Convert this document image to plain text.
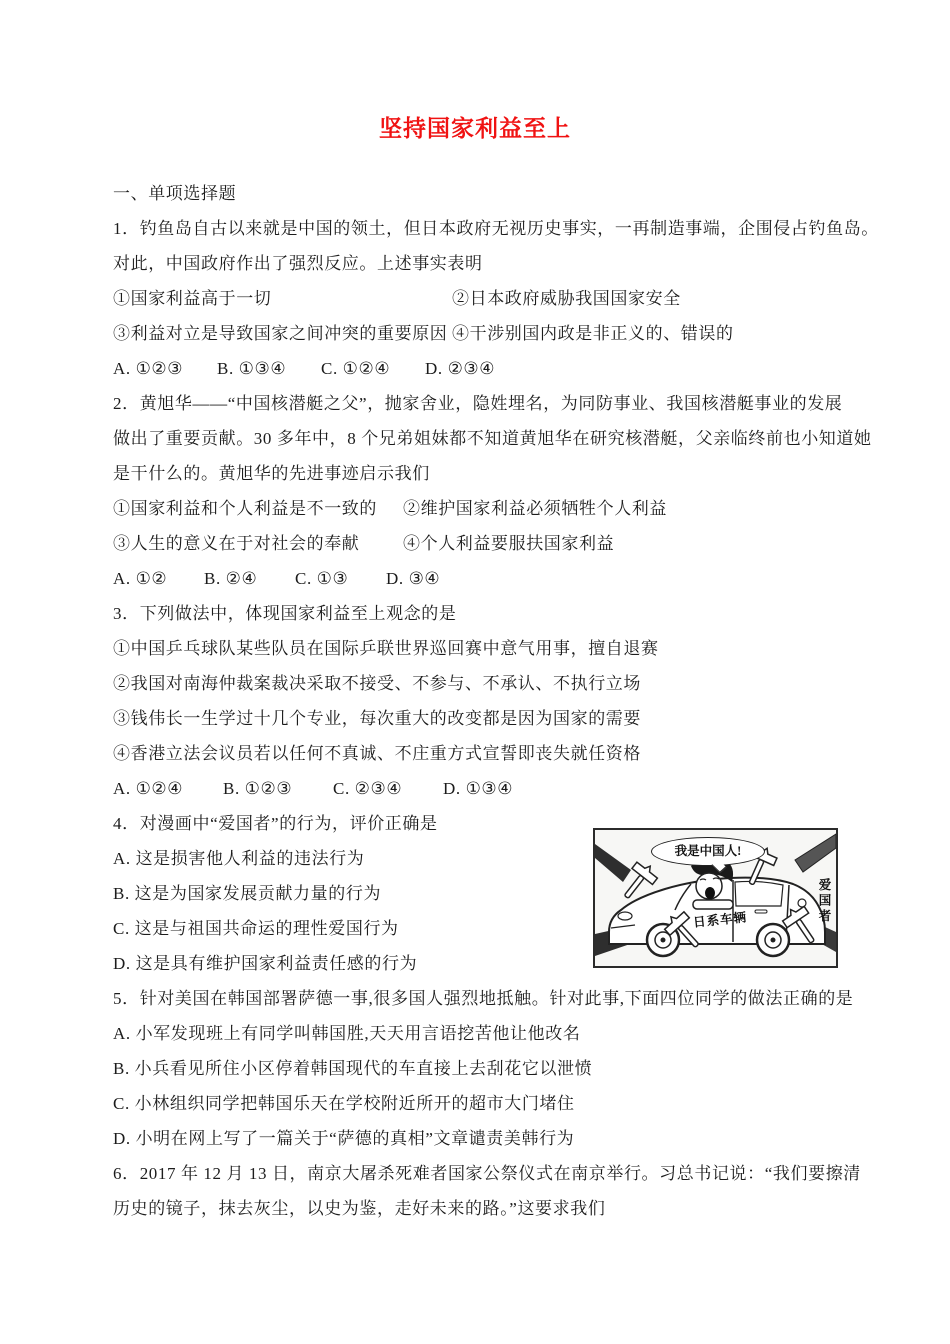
坚持国家利益至上
一、单项选择题
1．钓鱼岛自古以来就是中国的领土，但日本政府无视历史事实，一再制造事端，企围侵占钓鱼岛。
对此，中国政府作出了强烈反应。上述事实表明
①国家利益高于一切	②日本政府威胁我国国家安全
③利益对立是导致国家之间冲突的重要原因 ④干涉别国内政是非正义的、错误的
A. ①②③ B. ①③④ C. ①②④ D. ②③④
2．黄旭华——“中国核潜艇之父”，抛家舍业，隐姓埋名，为同防事业、我国核潜艇事业的发展
做出了重要贡献。30 多年中，8 个兄弟姐妹都不知道黄旭华在研究核潜艇，父亲临终前也小知道她
是干什么的。黄旭华的先进事迹启示我们
①国家利益和个人利益是不一致的 ②维护国家利益必须牺牲个人利益
③人生的意义在于对社会的奉献	④个人利益要服扶国家利益
A. ①② B. ②④ C. ①③ D. ③④
3．下列做法中，体现国家利益至上观念的是
①中国乒乓球队某些队员在国际乒联世界巡回赛中意气用事，擅自退赛
②我国对南海仲裁案裁决采取不接受、不参与、不承认、不执行立场
③钱伟长一生学过十几个专业，每次重大的改变都是因为国家的需要
④香港立法会议员若以任何不真诚、不庄重方式宣誓即丧失就任资格
A. ①②④ B. ①②③ C. ②③④ D. ①③④
4．对漫画中“爱国者”的行为，评价正确是
A. 这是损害他人利益的违法行为
B. 这是为国家发展贡献力量的行为
C. 这是与祖国共命运的理性爱国行为
D. 这是具有维护国家利益责任感的行为
5．针对美国在韩国部署萨德一事,很多国人强烈地抵触。针对此事,下面四位同学的做法正确的是
A. 小军发现班上有同学叫韩国胜,天天用言语挖苦他让他改名
B. 小兵看见所住小区停着韩国现代的车直接上去刮花它以泄愤
C. 小林组织同学把韩国乐天在学校附近所开的超市大门堵住
D. 小明在网上写了一篇关于“萨德的真相”文章谴责美韩行为
6．2017 年 12 月 13 日，南京大屠杀死难者国家公祭仪式在南京举行。习总书记说：“我们要擦清
历史的镜子，抹去灰尘，以史为鉴，走好未来的路。”这要求我们
我是中国人!
日系车辆	爱国者
